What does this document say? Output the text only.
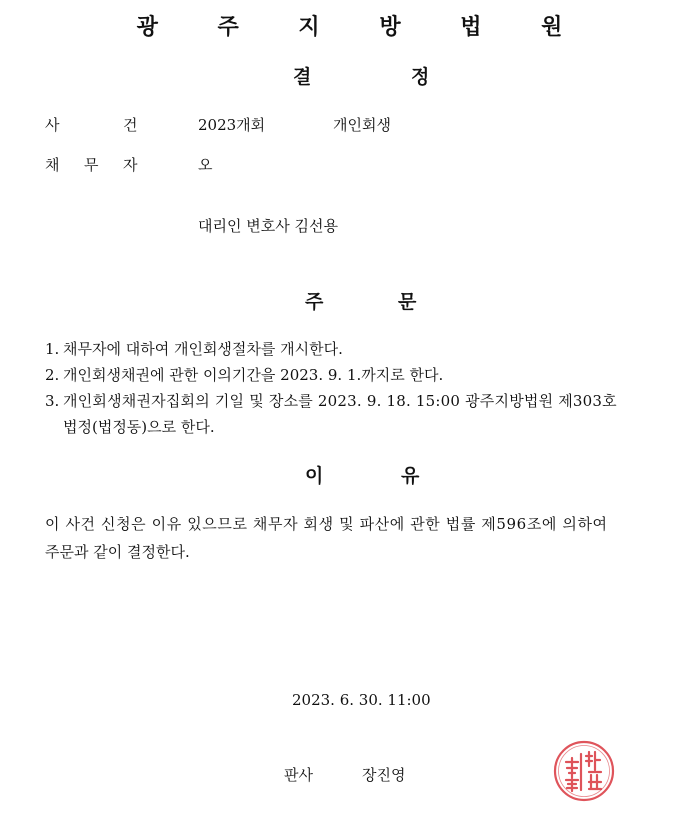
광 주 지 방 법 원
결	정
사	건	2023개회	개인회생
채 무 자	오
대리인 변호사 김선용
주	문
1. 채무자에 대하여 개인회생절차를 개시한다.
2. 개인회생채권에 관한 이의기간을 2023. 9. 1.까지로 한다.
3. 개인회생채권자집회의 기일 및 장소를 2023. 9. 18. 15:00 광주지방법원 제303호
법정(법정동)으로 한다.
이	유
이 사건 신청은 이유 있으므로 채무자 회생 및 파산에 관한 법률 제596조에 의하여
주문과 같이 결정한다.
2023. 6. 30. 11:00
판사	장진영
